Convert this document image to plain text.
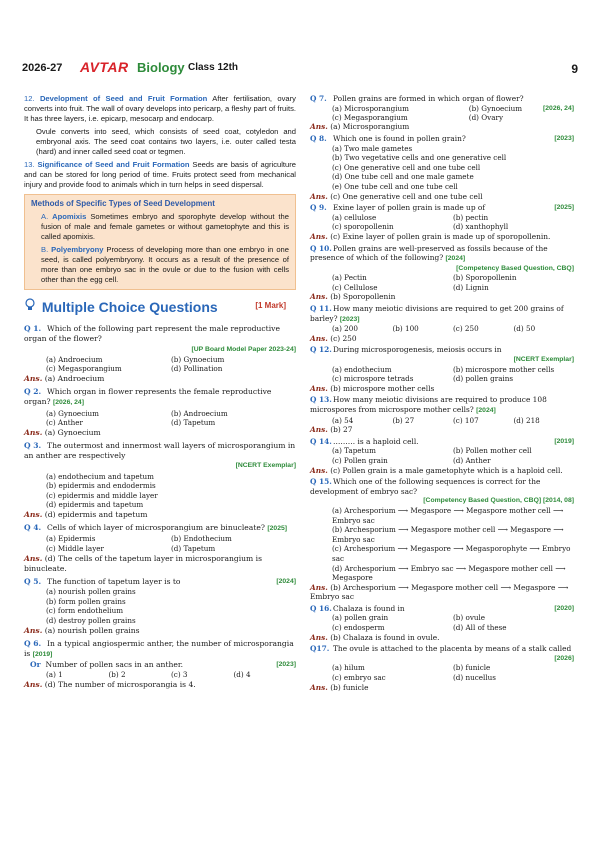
2026-27 AVTAR Biology Class 12th	9
12. Development of Seed and Fruit Formation After fertilisation, ovary converts into fruit. The wall of ovary develops into pericarp, a fleshy part of fruits. It has three layers, i.e. epicarp, mesocarp and endocarp.
Ovule converts into seed, which consists of seed coat, cotyledon and embryonal axis. The seed coat contains two layers, i.e. outer called testa (hard) and inner called seed coat or tegmen.
13. Significance of Seed and Fruit Formation Seeds are basis of agriculture and can be stored for long period of time. Fruits protect seed from mechanical injury and provide food to animals which in turn helps in seed dispersal.
Methods of Specific Types of Seed Development
A. Apomixis Sometimes embryo and sporophyte develop without the fusion of male and female gametes or without gametophyte and this is called apomixis.
B. Polyembryony Process of developing more than one embryo in one seed, is called polyembryony. It occurs as a result of the presence of more than one embryo sac in the ovule or due to the fusion with cells other than the egg cell.
Multiple Choice Questions	[1 Mark]
Q 1. Which of the following part represent the male reproductive organ of the flower?
[UP Board Model Paper 2023-24]
(a) Androecium	(b) Gynoecium
(c) Megasporangium	(d) Pollination
Ans. (a) Androecium
Q 2. Which organ in flower represents the female reproductive organ? [2026, 24]
(a) Gynoecium	(b) Androecium
(c) Anther	(d) Tapetum
Ans. (a) Gynoecium
Q 3. The outermost and innermost wall layers of microsporangium in an anther are respectively
[NCERT Exemplar]
(a) endothecium and tapetum
(b) epidermis and endodermis
(c) epidermis and middle layer
(d) epidermis and tapetum
Ans. (d) epidermis and tapetum
Q 4. Cells of which layer of microsporangium are binucleate? [2025]
(a) Epidermis	(b) Endothecium
(c) Middle layer	(d) Tapetum
Ans. (d) The cells of the tapetum layer in microsporangium is binucleate.
Q 5. The function of tapetum layer is to	[2024]
(a) nourish pollen grains
(b) form pollen grains
(c) form endothelium
(d) destroy pollen grains
Ans. (a) nourish pollen grains
Q 6. In a typical angiospermic anther, the number of microsporangia is [2019]
Or Number of pollen sacs in an anther.	[2023]
(a) 1	(b) 2	(c) 3	(d) 4
Ans. (d) The number of microsporangia is 4.
Q 7. Pollen grains are formed in which organ of flower?
(a) Microsporangium	(b) Gynoecium
(c) Megasporangium	(d) Ovary
[2026, 24]
Ans. (a) Microsporangium
Q 8. Which one is found in pollen grain?	[2023]
(a) Two male gametes
(b) Two vegetative cells and one generative cell
(c) One generative cell and one tube cell
(d) One tube cell and one male gamete
(e) One tube cell and one tube cell
Ans. (c) One generative cell and one tube cell
Q 9. Exine layer of pollen grain is made up of	[2025]
(a) cellulose	(b) pectin
(c) sporopollenin	(d) xanthophyll
Ans. (c) Exine layer of pollen grain is made up of sporopollenin.
Q 10.Pollen grains are well-preserved as fossils because of the presence of which of the following? [2024]
[Competency Based Question, CBQ]
(a) Pectin	(b) Sporopollenin
(c) Cellulose	(d) Lignin
Ans. (b) Sporopollenin
Q 11.How many meiotic divisions are required to get 200 grains of barley? [2023]
(a) 200	(b) 100	(c) 250	(d) 50
Ans. (c) 250
Q 12.During microsporogenesis, meiosis occurs in
[NCERT Exemplar]
(a) endothecium	(b) microspore mother cells
(c) microspore tetrads	(d) pollen grains
Ans. (b) microspore mother cells
Q 13.How many meiotic divisions are required to produce 108 microspores from microspore mother cells? [2024]
(a) 54	(b) 27	(c) 107	(d) 218
Ans. (b) 27
Q 14.……… is a haploid cell.	[2019]
(a) Tapetum	(b) Pollen mother cell
(c) Pollen grain	(d) Anther
Ans. (c) Pollen grain is a male gametophyte which is a haploid cell.
Q 15.Which one of the following sequences is correct for the development of embryo sac?
[Competency Based Question, CBQ] [2014, 08]
(a) Archesporium ⟶ Megaspore ⟶ Megaspore mother cell ⟶ Embryo sac
(b) Archesporium ⟶ Megaspore mother cell ⟶ Megaspore ⟶ Embryo sac
(c) Archesporium ⟶ Megaspore ⟶ Megasporophyte ⟶ Embryo sac
(d) Archesporium ⟶ Embryo sac ⟶ Megaspore mother cell ⟶ Megaspore
Ans. (b) Archesporium ⟶ Megaspore mother cell ⟶ Megaspore ⟶ Embryo sac
Q 16.Chalaza is found in	[2020]
(a) pollen grain	(b) ovule
(c) endosperm	(d) All of these
Ans. (b) Chalaza is found in ovule.
Q17. The ovule is attached to the placenta by means of a stalk called
[2026]
(a) hilum	(b) funicle
(c) embryo sac	(d) nucellus
Ans. (b) funicle
